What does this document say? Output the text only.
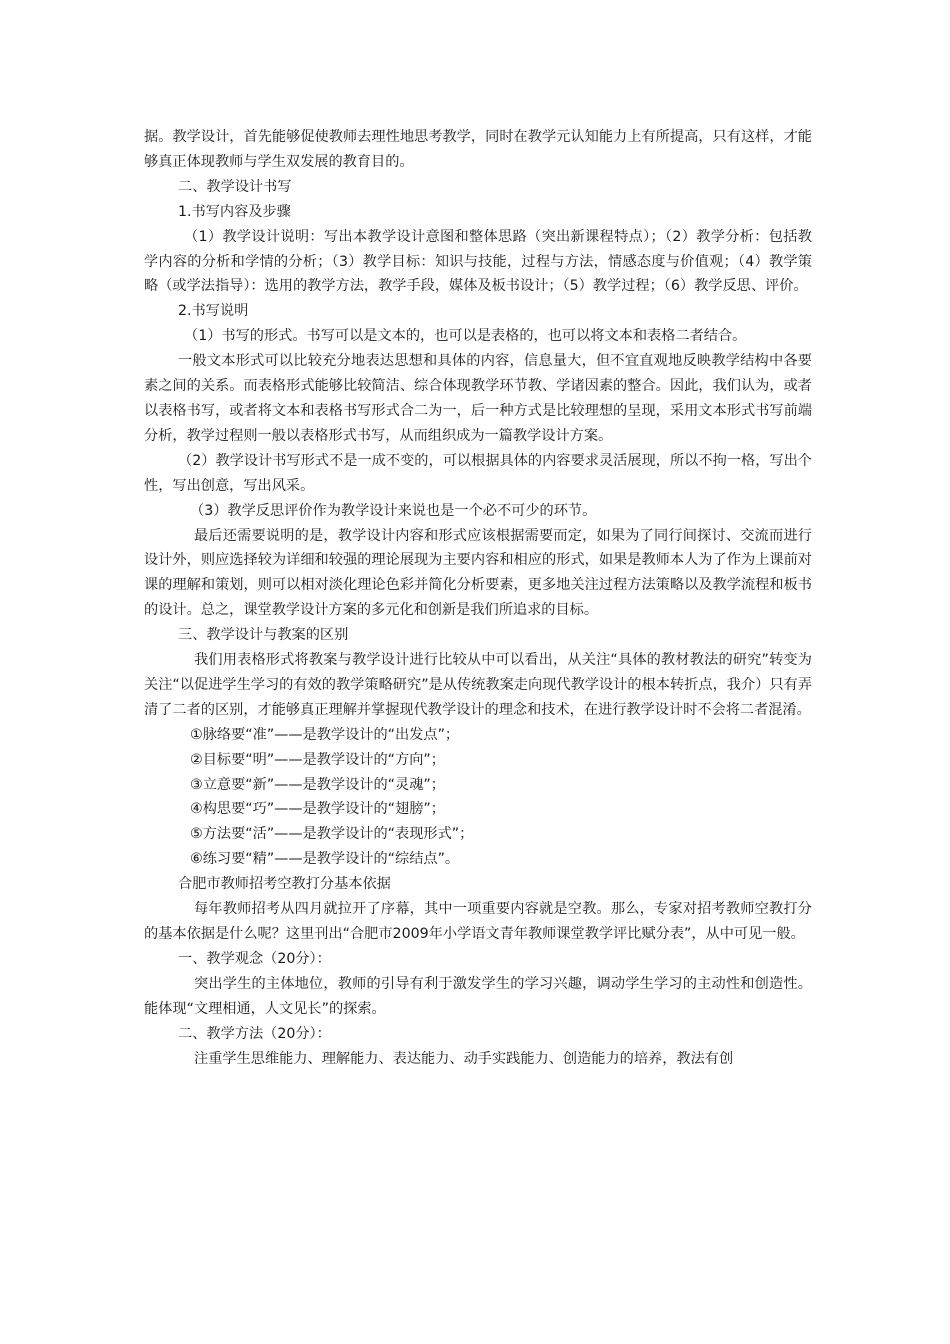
据。教学设计，首先能够促使教师去理性地思考教学，同时在教学元认知能力上有所提高，只有这样，才能够真正体现教师与学生双发展的教育目的。

二、教学设计书写

1.书写内容及步骤

（1）教学设计说明：写出本教学设计意图和整体思路（突出新课程特点）；（2）教学分析：包括教学内容的分析和学情的分析；（3）教学目标：知识与技能，过程与方法，情感态度与价值观；（4）教学策略（或学法指导）：选用的教学方法，教学手段，媒体及板书设计；（5）教学过程；（6）教学反思、评价。

2.书写说明

（1）书写的形式。书写可以是文本的，也可以是表格的，也可以将文本和表格二者结合。

一般文本形式可以比较充分地表达思想和具体的内容，信息量大，但不宜直观地反映教学结构中各要素之间的关系。而表格形式能够比较简洁、综合体现教学环节教、学诸因素的整合。因此，我们认为，或者以表格书写，或者将文本和表格书写形式合二为一，后一种方式是比较理想的呈现，采用文本形式书写前端分析，教学过程则一般以表格形式书写，从而组织成为一篇教学设计方案。

（2）教学设计书写形式不是一成不变的，可以根据具体的内容要求灵活展现，所以不拘一格，写出个性，写出创意，写出风采。

（3）教学反思评价作为教学设计来说也是一个必不可少的环节。

最后还需要说明的是，教学设计内容和形式应该根据需要而定，如果为了同行间探讨、交流而进行设计外，则应选择较为详细和较强的理论展现为主要内容和相应的形式，如果是教师本人为了作为上课前对课的理解和策划，则可以相对淡化理论色彩并简化分析要素，更多地关注过程方法策略以及教学流程和板书的设计。总之，课堂教学设计方案的多元化和创新是我们所追求的目标。

三、教学设计与教案的区别

我们用表格形式将教案与教学设计进行比较从中可以看出，从关注“具体的教材教法的研究”转变为关注“以促进学生学习的有效的教学策略研究”是从传统教案走向现代教学设计的根本转折点，我介）只有弄清了二者的区别，才能够真正理解并掌握现代教学设计的理念和技术，在进行教学设计时不会将二者混淆。

①脉络要“准”——是教学设计的“出发点”；

②目标要“明”——是教学设计的“方向”；

③立意要“新”——是教学设计的“灵魂”；

④构思要“巧”——是教学设计的“翅膀”；

⑤方法要“活”——是教学设计的“表现形式”；

⑥练习要“精”——是教学设计的“综结点”。

合肥市教师招考空教打分基本依据

每年教师招考从四月就拉开了序幕，其中一项重要内容就是空教。那么，专家对招考教师空教打分的基本依据是什么呢？这里刊出“合肥市2009年小学语文青年教师课堂教学评比赋分表”，从中可见一般。

一、教学观念（20分）：

突出学生的主体地位，教师的引导有利于激发学生的学习兴趣，调动学生学习的主动性和创造性。能体现“文理相通，人文见长”的探索。

二、教学方法（20分）：

注重学生思维能力、理解能力、表达能力、动手实践能力、创造能力的培养，教法有创
